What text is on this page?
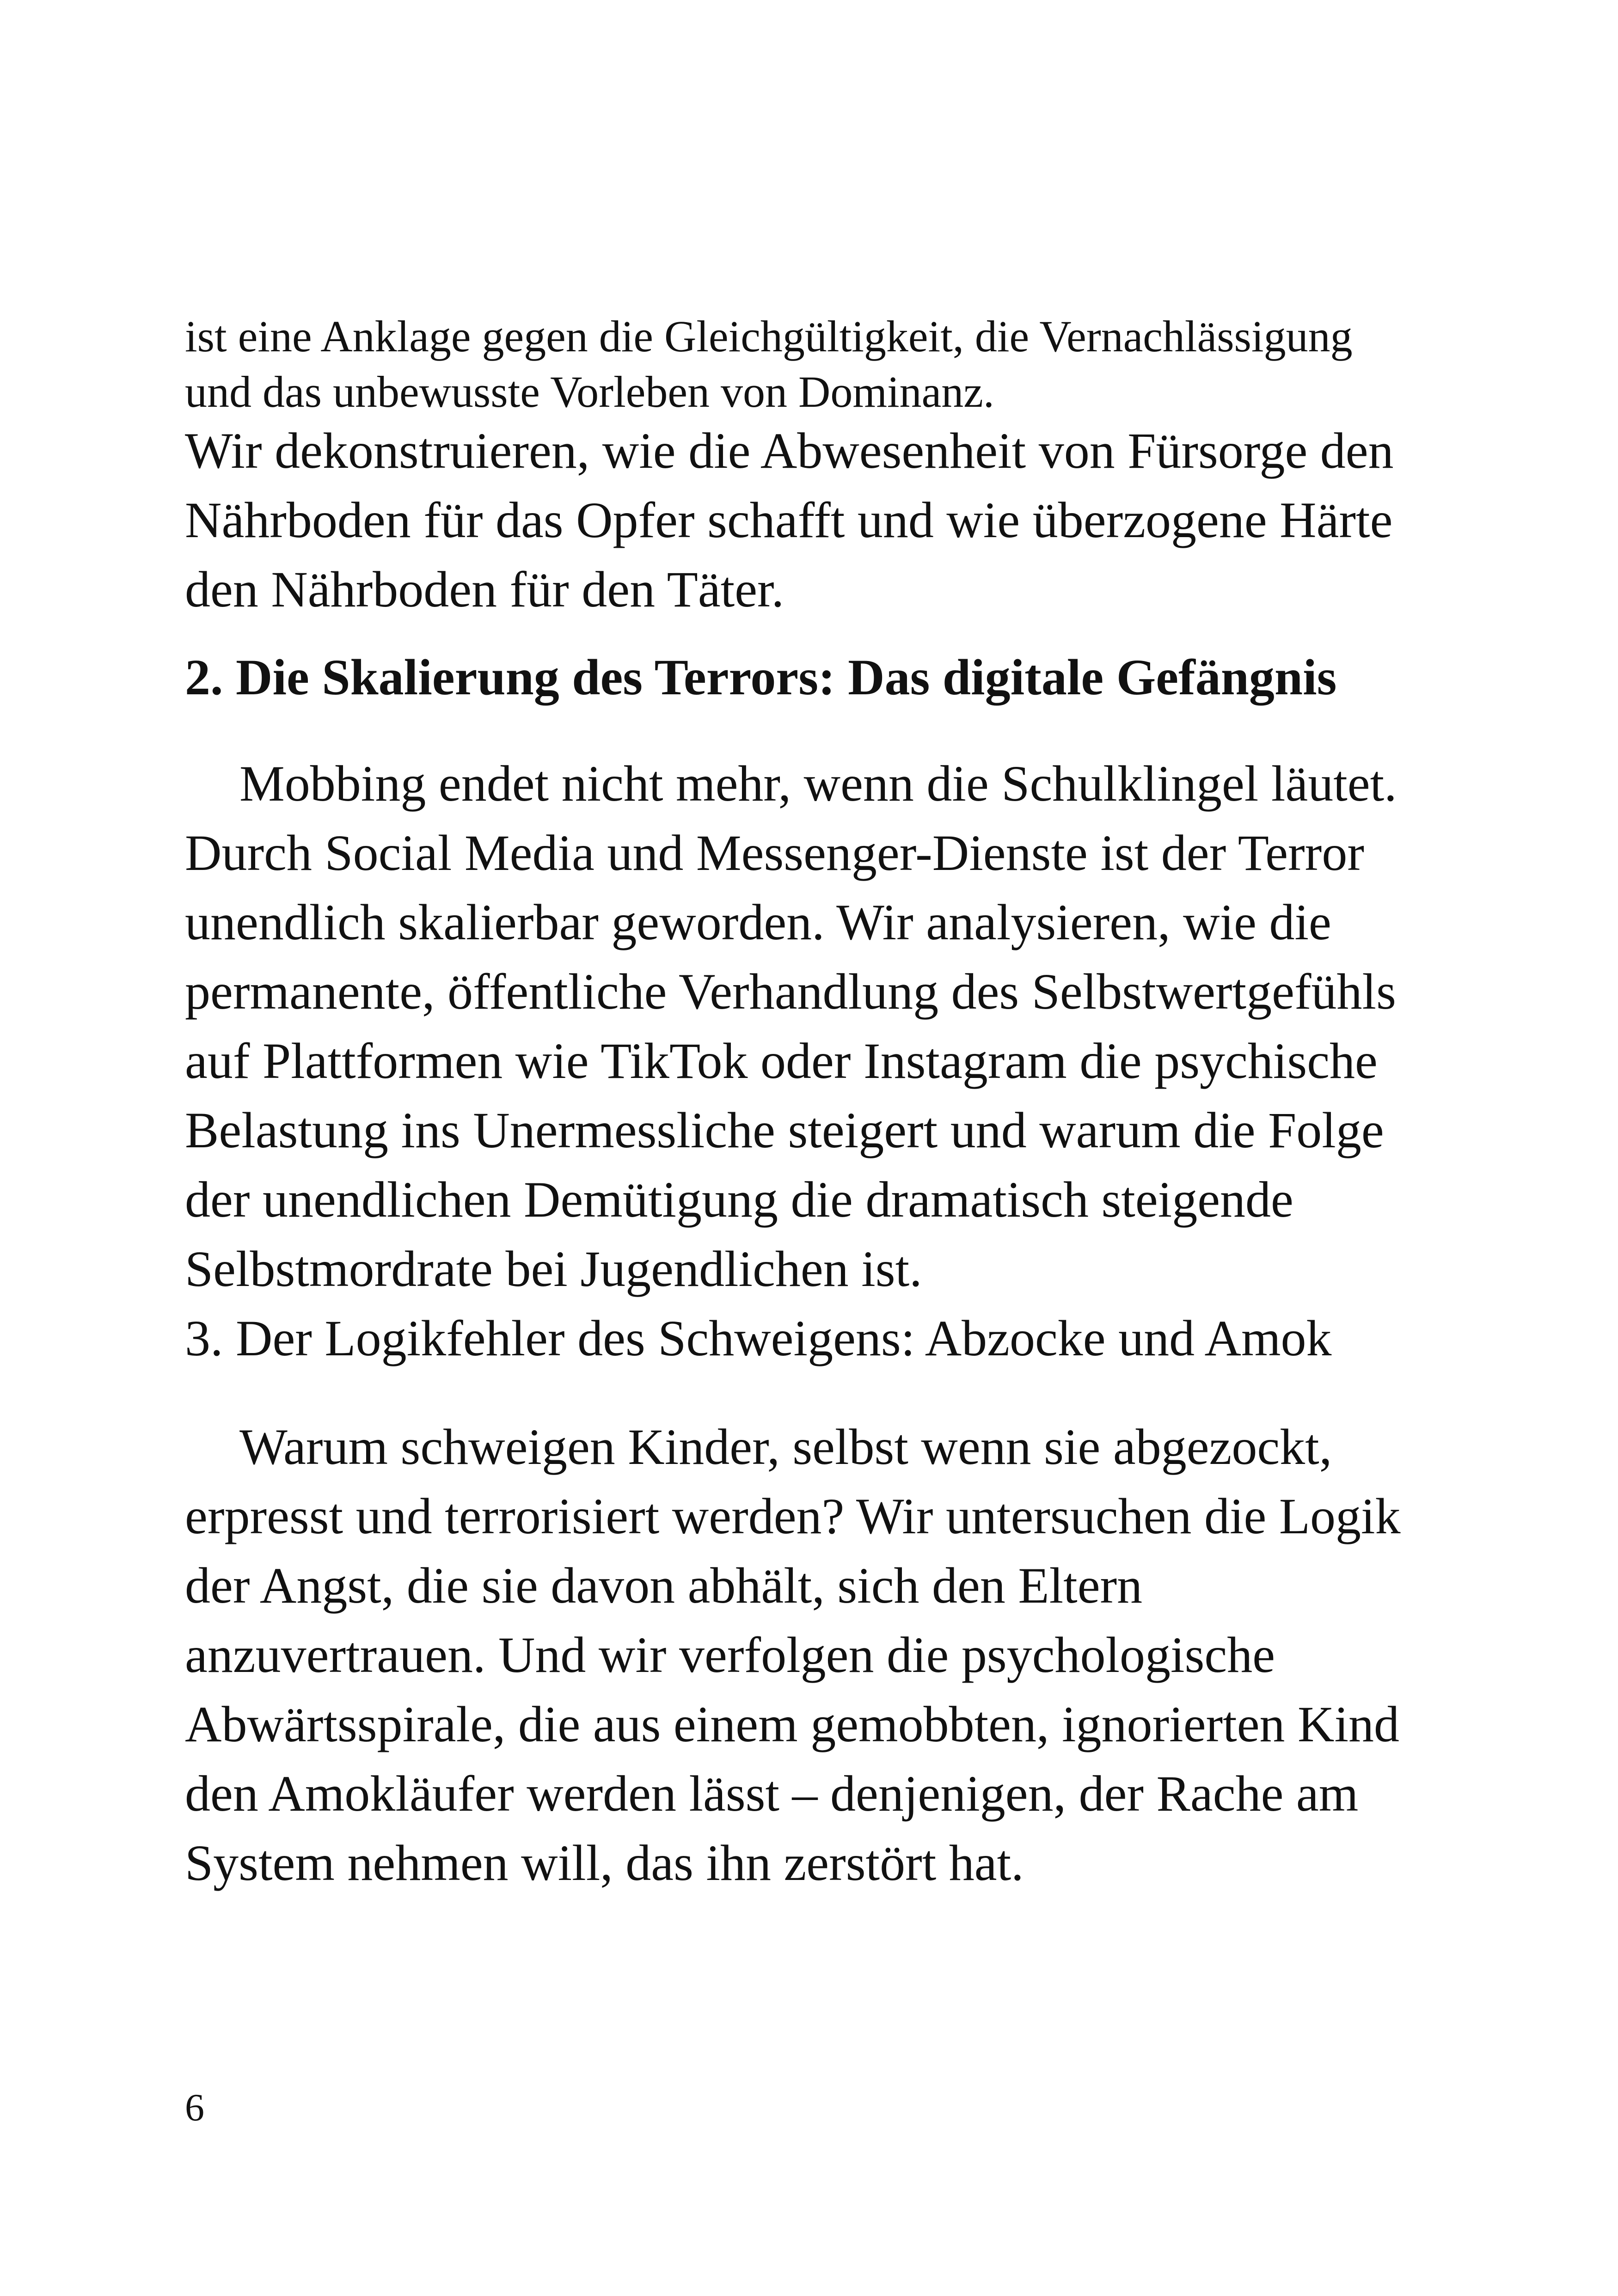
ist eine Anklage gegen die Gleichgültigkeit, die Vernachlässigung
und das unbewusste Vorleben von Dominanz.

Wir dekonstruieren, wie die Abwesenheit von Fürsorge den
Nährboden für das Opfer schafft und wie überzogene Härte
den Nährboden für den Täter.

2. Die Skalierung des Terrors: Das digitale Gefängnis

Mobbing endet nicht mehr, wenn die Schulklingel läutet.
Durch Social Media und Messenger-Dienste ist der Terror
unendlich skalierbar geworden. Wir analysieren, wie die
permanente, öffentliche Verhandlung des Selbstwertgefühls
auf Plattformen wie TikTok oder Instagram die psychische
Belastung ins Unermessliche steigert und warum die Folge
der unendlichen Demütigung die dramatisch steigende
Selbstmordrate bei Jugendlichen ist.

3. Der Logikfehler des Schweigens: Abzocke und Amok

Warum schweigen Kinder, selbst wenn sie abgezockt,
erpresst und terrorisiert werden? Wir untersuchen die Logik
der Angst, die sie davon abhält, sich den Eltern
anzuvertrauen. Und wir verfolgen die psychologische
Abwärtsspirale, die aus einem gemobbten, ignorierten Kind
den Amokläufer werden lässt – denjenigen, der Rache am
System nehmen will, das ihn zerstört hat.

6
